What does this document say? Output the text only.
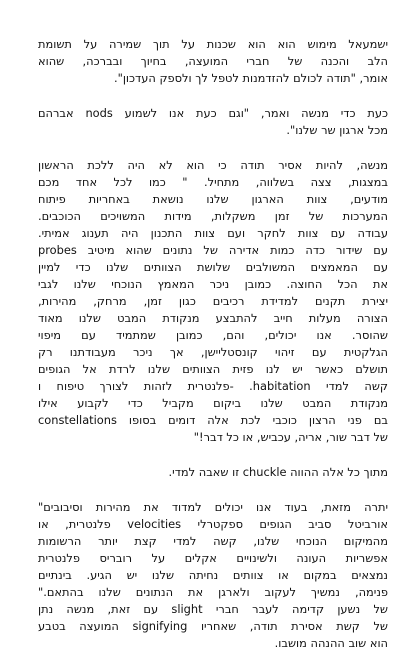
ישמעאל מימוש הוא הוא שכנות על תוך שמירה על תשומת
הלב והכנה של חברי המועצה, בחיוך ובברכה, שהוא
אומר, "תודה לכולם להזדמנות לטפל לך ולספק העדכון".
כעת כדי מנשה ואמר, "וגם כעת אנו לשמוע nods אברהם
מכל ארגון שר שלנו".
מנשה, להיות אסיר תודה כי הוא לא היה ללכת הראשון
במצגות, צצה בשלווה, מתחיל. " כמו לכל אחד מכם
מודעים, צוות הארגון שלנו נושאת באחריות פיתוח
המערכות של זמן משקלות, מידות המשויכים הכוכבים.
עבודה עם צוות לחקר ועם צוות התכנון היה תענוג אמיתי.
עם שידור כדה כמות אדירה של נתונים שהוא מיטיב probes
עם המאמצים המשולבים שלושת הצוותים שלנו כדי למיין
את הכל החוצה. כמובן ניכר המאמץ הנוכחי שלנו לגבי
יצירת תקנים למדידת רכיבים כגון זמן, מרחק, מהירות,
הצורה מעלות חייב להתבצע מנקודת המבט שלנו מאוד
שהוסר. אנו יכולים, והם, כמובן שמתמיד עם מיפוי
הגלקטית עם זיהוי קונסטליישן, אך ניכר מעבודתנו רק
תושלם כאשר יש לנו פזית הצוותים שלנו לרדת אל הגופים
קשה למדי habitation. -פלנטרית לזהות לצורך טיפוח ו
מנקודת המבט שלנו ביקום מקביל כדי לקבוע אילו
בם פני הרצון כוכבי לכת אלה דומים בסופו constellations
של דבר שור, אריה, עכביש, או כל דבר!"
מתוך כל אלה ההווה chuckle זו שאבה למדי.
יתרה מזאת, בעוד אנו יכולים למדוד את מהירות וסיבובים"
אורביטל סביב הגופים ספקטרלי velocities פלנטרית, או
מהמיקום הנוכחי שלנו, קשה למדי קצת יותר הרשומות
אפשריות העונה ולשינויים אקלים על רובריס פלנטרית
נמצאים במקום או צוותים נחיתה שלנו יש הגיע. בינתיים
פנימה, נמשיך לעקוב ולארגן את הנתונים שלנו בהתאם."
של נשען קדימה לעבר חברי slight עם זאת, מנשה נתן
של קשת אסירת תודה, שאחריו signifying המועצה בטבע
הוא שוב ההנהה מושבו.
